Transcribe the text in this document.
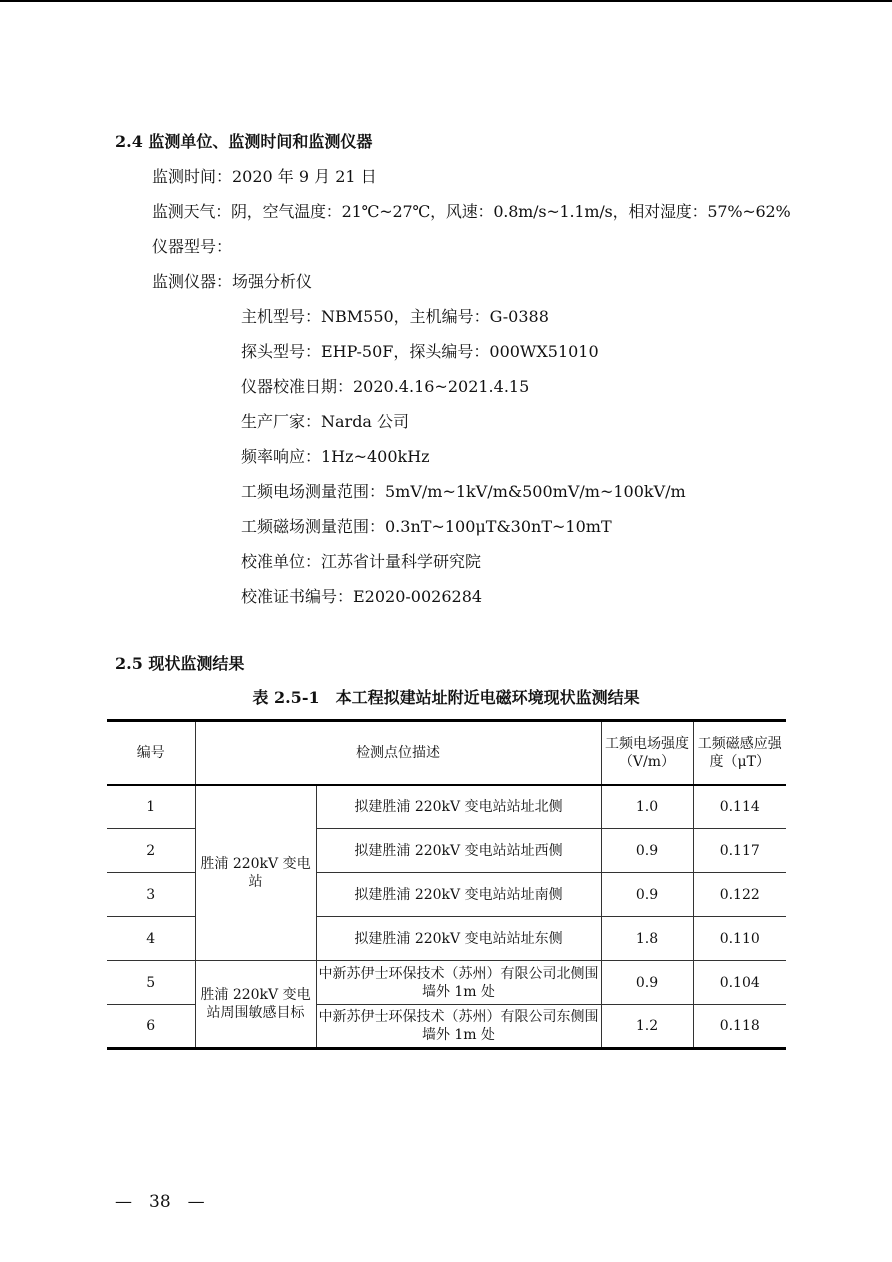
2.4 监测单位、监测时间和监测仪器
监测时间：2020 年 9 月 21 日
监测天气：阴，空气温度：21℃~27℃，风速：0.8m/s~1.1m/s，相对湿度：57%~62%
仪器型号：
监测仪器：场强分析仪
主机型号：NBM550，主机编号：G-0388
探头型号：EHP-50F，探头编号：000WX51010
仪器校准日期：2020.4.16~2021.4.15
生产厂家：Narda 公司
频率响应：1Hz~400kHz
工频电场测量范围：5mV/m~1kV/m&500mV/m~100kV/m
工频磁场测量范围：0.3nT~100μT&30nT~10mT
校准单位：江苏省计量科学研究院
校准证书编号：E2020-0026284
2.5 现状监测结果
表 2.5-1　本工程拟建站址附近电磁环境现状监测结果
编号	检测点位描述		工频电场强度（V/m）	工频磁感应强度（μT）
1	胜浦 220kV 变电站	拟建胜浦 220kV 变电站站址北侧	1.0	0.114
2		拟建胜浦 220kV 变电站站址西侧	0.9	0.117
3		拟建胜浦 220kV 变电站站址南侧	0.9	0.122
4		拟建胜浦 220kV 变电站站址东侧	1.8	0.110
5	胜浦 220kV 变电站周围敏感目标	中新苏伊士环保技术（苏州）有限公司北侧围墙外 1m 处	0.9	0.104
6		中新苏伊士环保技术（苏州）有限公司东侧围墙外 1m 处	1.2	0.118
—　38　—
